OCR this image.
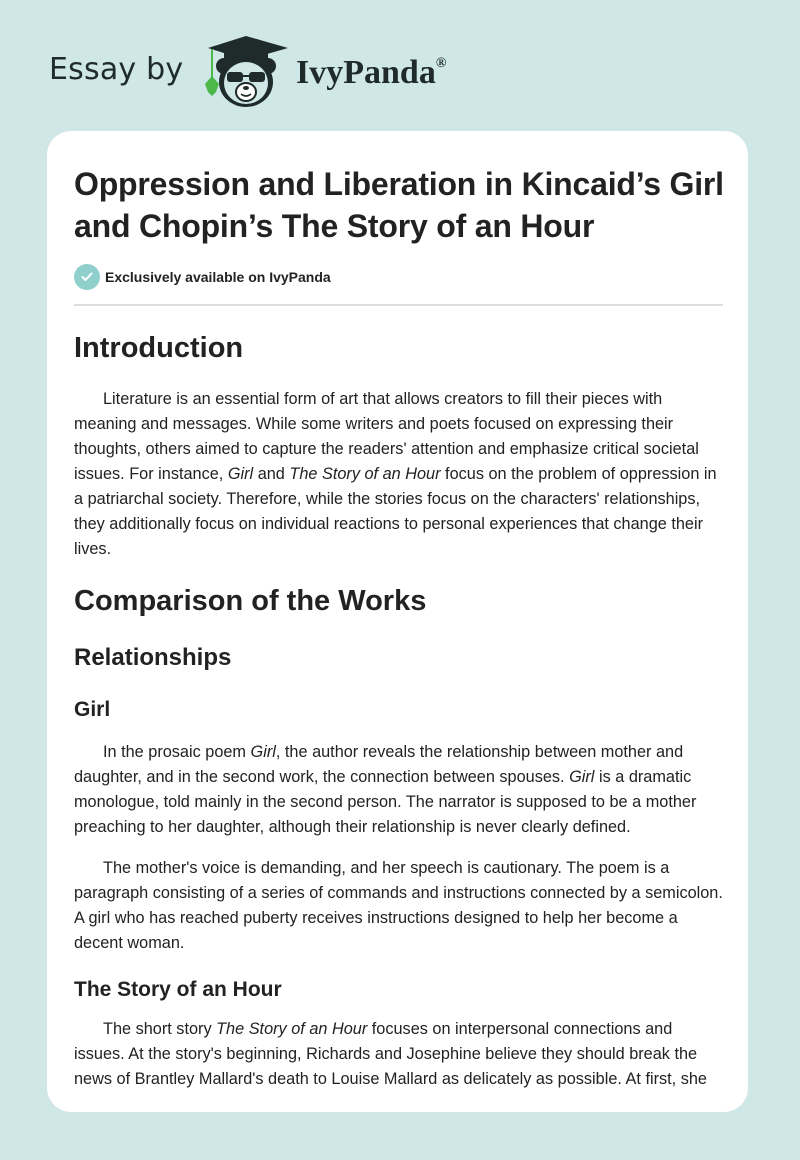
Essay by	IvyPanda®
Oppression and Liberation in Kincaid’s Girl and Chopin’s The Story of an Hour
Exclusively available on IvyPanda
Introduction

Literature is an essential form of art that allows creators to fill their pieces with meaning and messages. While some writers and poets focused on expressing their thoughts, others aimed to capture the readers' attention and emphasize critical societal issues. For instance, Girl and The Story of an Hour focus on the problem of oppression in a patriarchal society. Therefore, while the stories focus on the characters' relationships, they additionally focus on individual reactions to personal experiences that change their lives.

Comparison of the Works
Relationships
Girl

In the prosaic poem Girl, the author reveals the relationship between mother and daughter, and in the second work, the connection between spouses. Girl is a dramatic monologue, told mainly in the second person. The narrator is supposed to be a mother preaching to her daughter, although their relationship is never clearly defined.

The mother's voice is demanding, and her speech is cautionary. The poem is a paragraph consisting of a series of commands and instructions connected by a semicolon. A girl who has reached puberty receives instructions designed to help her become a decent woman.

The Story of an Hour

The short story The Story of an Hour focuses on interpersonal connections and issues. At the story's beginning, Richards and Josephine believe they should break the news of Brantley Mallard's death to Louise Mallard as delicately as possible. At first, she
